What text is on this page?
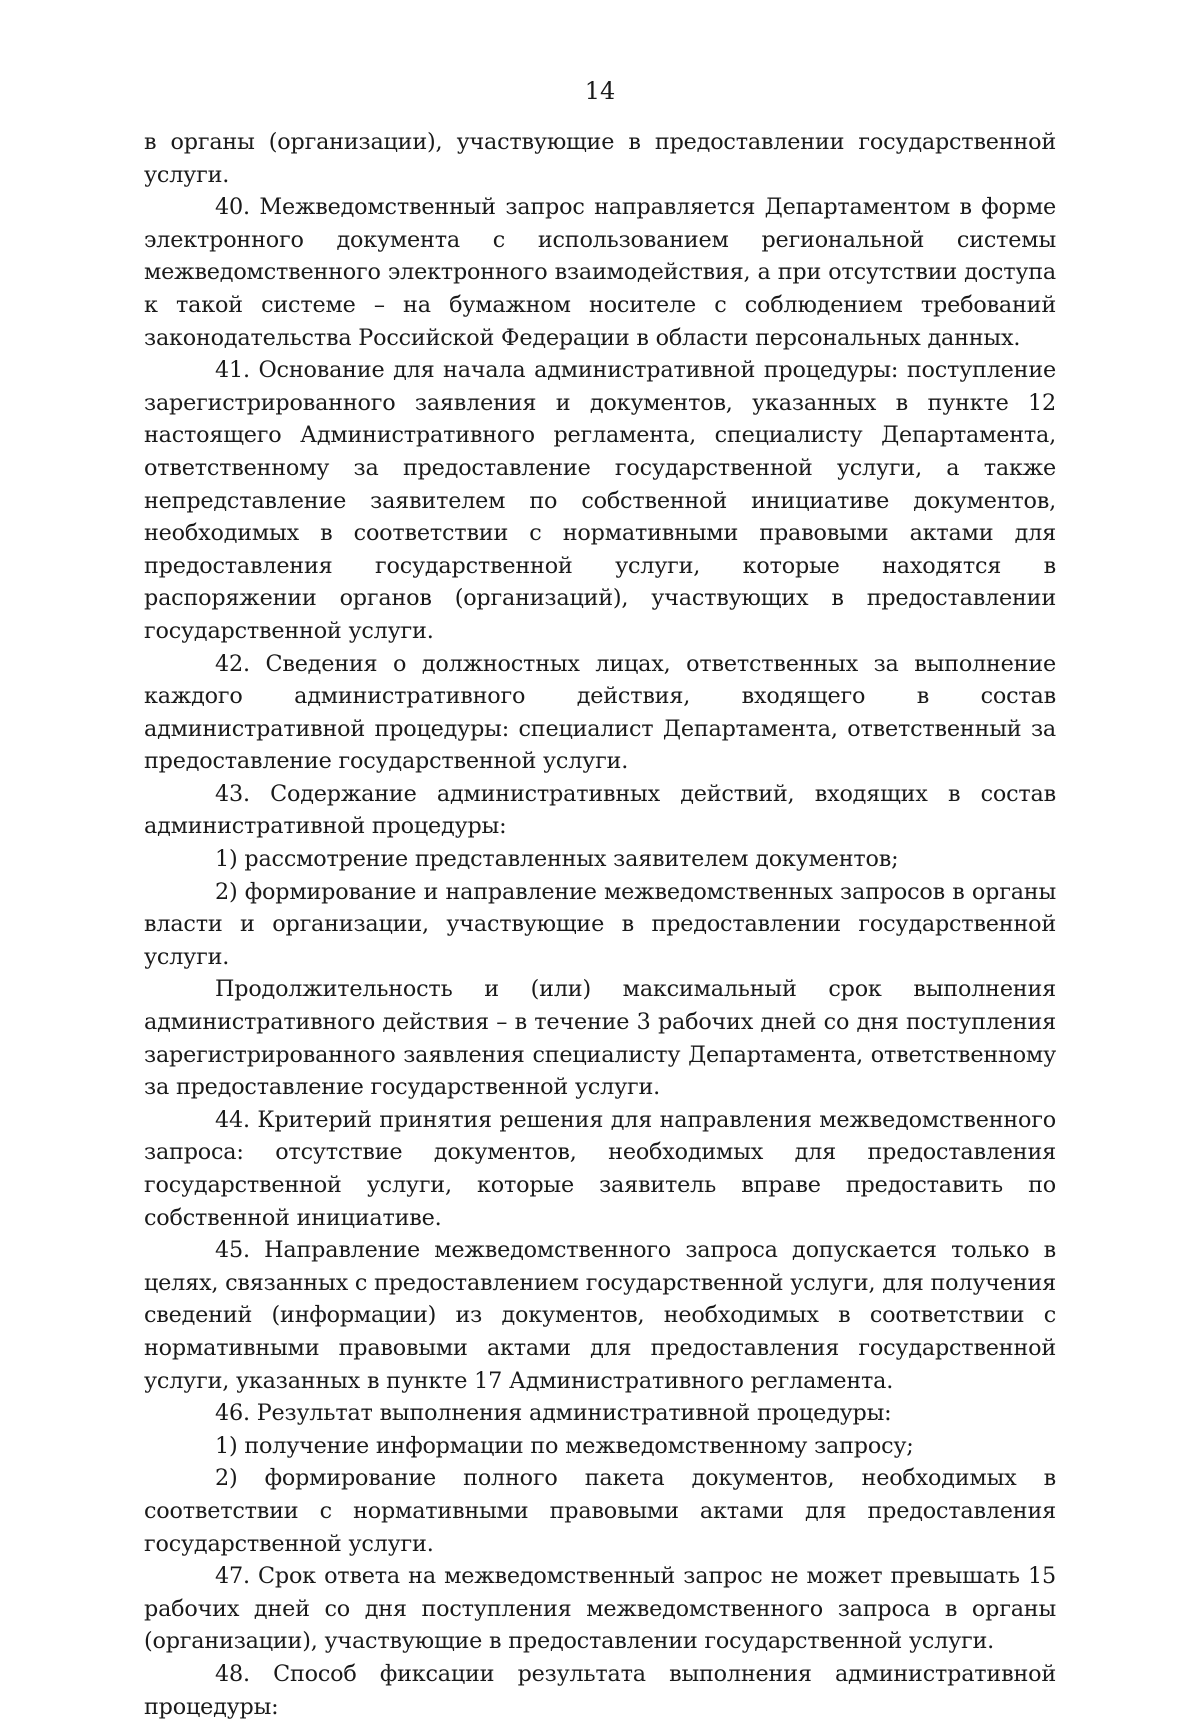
14

в органы (организации), участвующие в предоставлении государственной услуги.

40. Межведомственный запрос направляется Департаментом в форме электронного документа с использованием региональной системы межведомственного электронного взаимодействия, а при отсутствии доступа к такой системе – на бумажном носителе с соблюдением требований законодательства Российской Федерации в области персональных данных.

41. Основание для начала административной процедуры: поступление зарегистрированного заявления и документов, указанных в пункте 12 настоящего Административного регламента, специалисту Департамента, ответственному за предоставление государственной услуги, а также непредставление заявителем по собственной инициативе документов, необходимых в соответствии с нормативными правовыми актами для предоставления государственной услуги, которые находятся в распоряжении органов (организаций), участвующих в предоставлении государственной услуги.

42. Сведения о должностных лицах, ответственных за выполнение каждого административного действия, входящего в состав административной процедуры: специалист Департамента, ответственный за предоставление государственной услуги.

43. Содержание административных действий, входящих в состав административной процедуры:

1) рассмотрение представленных заявителем документов;

2) формирование и направление межведомственных запросов в органы власти и организации, участвующие в предоставлении государственной услуги.

Продолжительность и (или) максимальный срок выполнения административного действия – в течение 3 рабочих дней со дня поступления зарегистрированного заявления специалисту Департамента, ответственному за предоставление государственной услуги.

44. Критерий принятия решения для направления межведомственного запроса: отсутствие документов, необходимых для предоставления государственной услуги, которые заявитель вправе предоставить по собственной инициативе.

45. Направление межведомственного запроса допускается только в целях, связанных с предоставлением государственной услуги, для получения сведений (информации) из документов, необходимых в соответствии с нормативными правовыми актами для предоставления государственной услуги, указанных в пункте 17 Административного регламента.

46. Результат выполнения административной процедуры:

1) получение информации по межведомственному запросу;

2) формирование полного пакета документов, необходимых в соответствии с нормативными правовыми актами для предоставления государственной услуги.

47. Срок ответа на межведомственный запрос не может превышать 15 рабочих дней со дня поступления межведомственного запроса в органы (организации), участвующие в предоставлении государственной услуги.

48. Способ фиксации результата выполнения административной процедуры:
